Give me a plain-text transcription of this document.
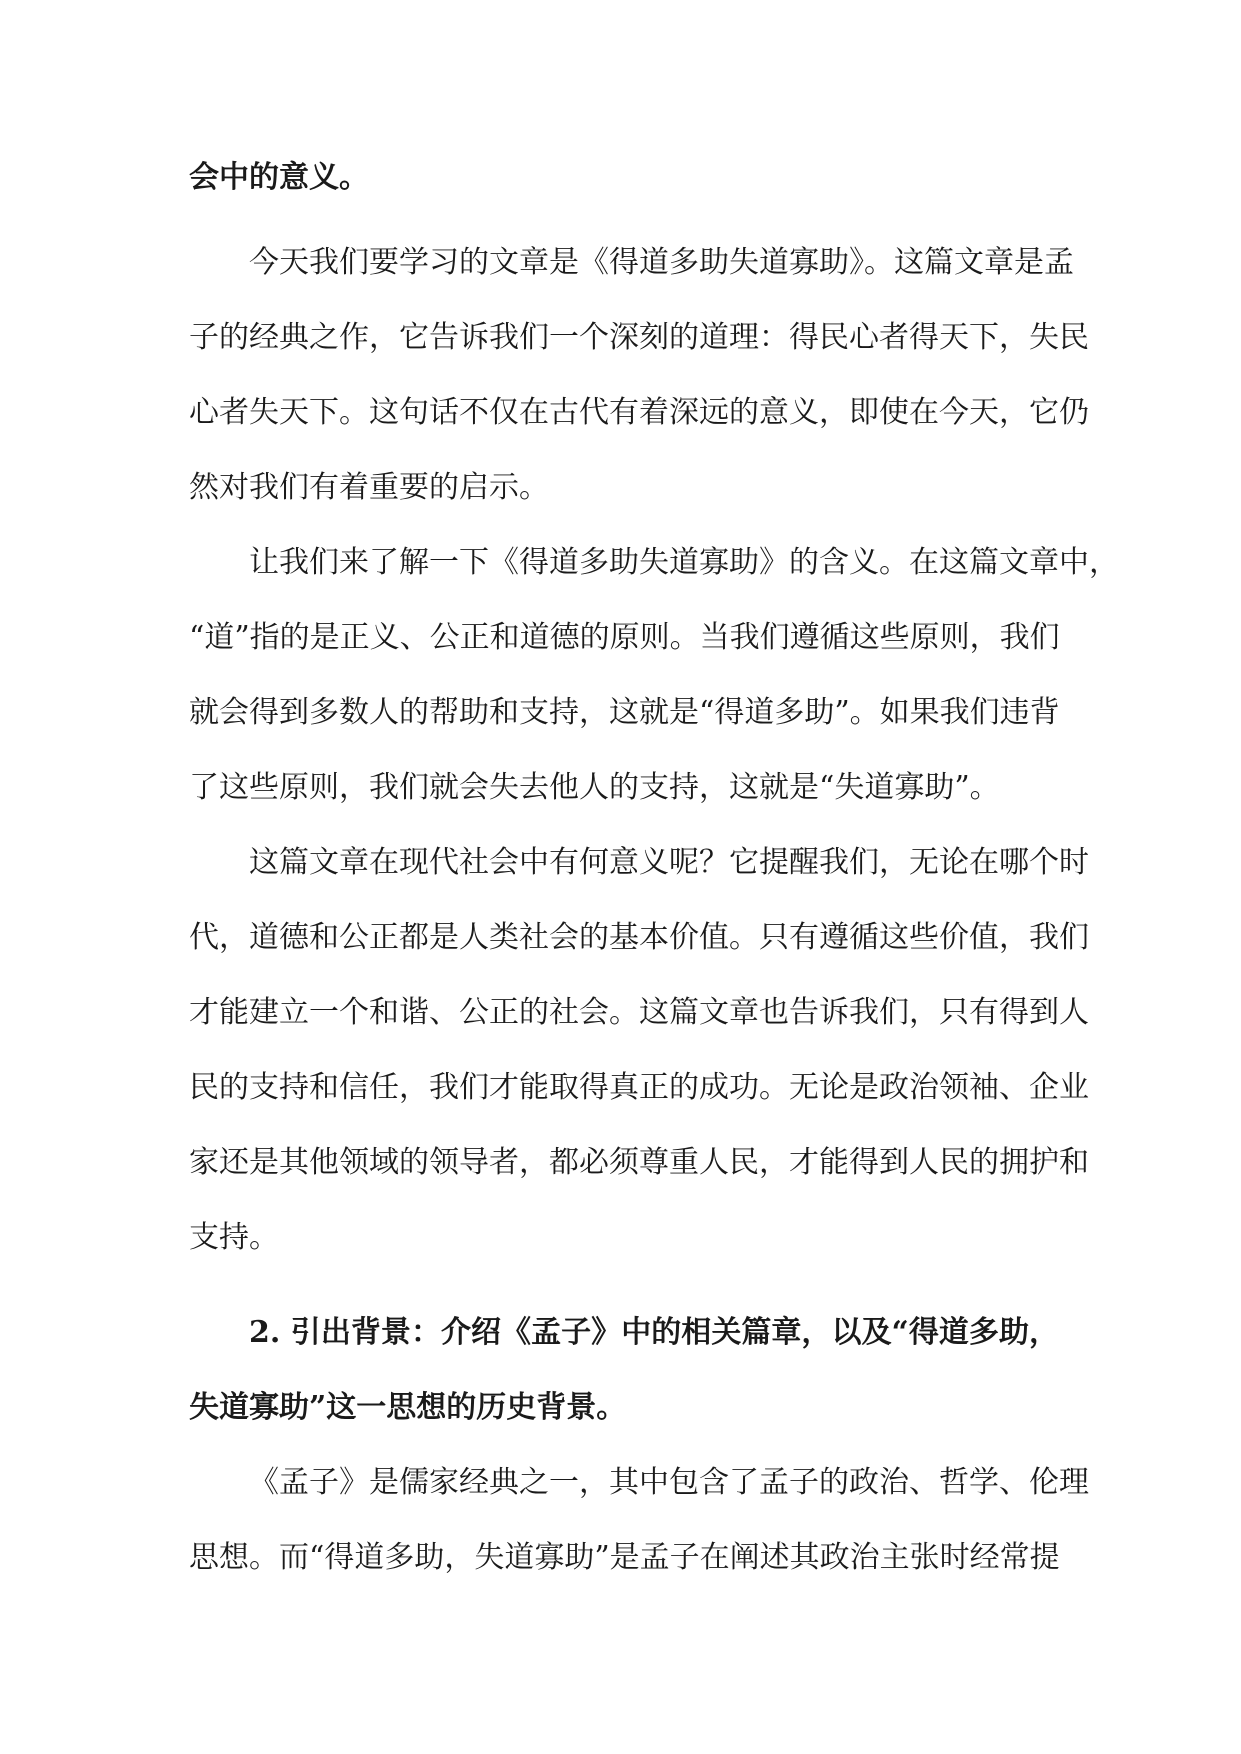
会中的意义。
今天我们要学习的文章是《得道多助失道寡助》。这篇文章是孟
子的经典之作，它告诉我们一个深刻的道理：得民心者得天下，失民
心者失天下。这句话不仅在古代有着深远的意义，即使在今天，它仍
然对我们有着重要的启示。
让我们来了解一下《得道多助失道寡助》的含义。在这篇文章中，
“道”指的是正义、公正和道德的原则。当我们遵循这些原则，我们
就会得到多数人的帮助和支持，这就是“得道多助”。如果我们违背
了这些原则，我们就会失去他人的支持，这就是“失道寡助”。
这篇文章在现代社会中有何意义呢？它提醒我们，无论在哪个时
代，道德和公正都是人类社会的基本价值。只有遵循这些价值，我们
才能建立一个和谐、公正的社会。这篇文章也告诉我们，只有得到人
民的支持和信任，我们才能取得真正的成功。无论是政治领袖、企业
家还是其他领域的领导者，都必须尊重人民，才能得到人民的拥护和
支持。
2. 引出背景：介绍《孟子》中的相关篇章，以及“得道多助，
失道寡助”这一思想的历史背景。
《孟子》是儒家经典之一，其中包含了孟子的政治、哲学、伦理
思想。而“得道多助，失道寡助”是孟子在阐述其政治主张时经常提
